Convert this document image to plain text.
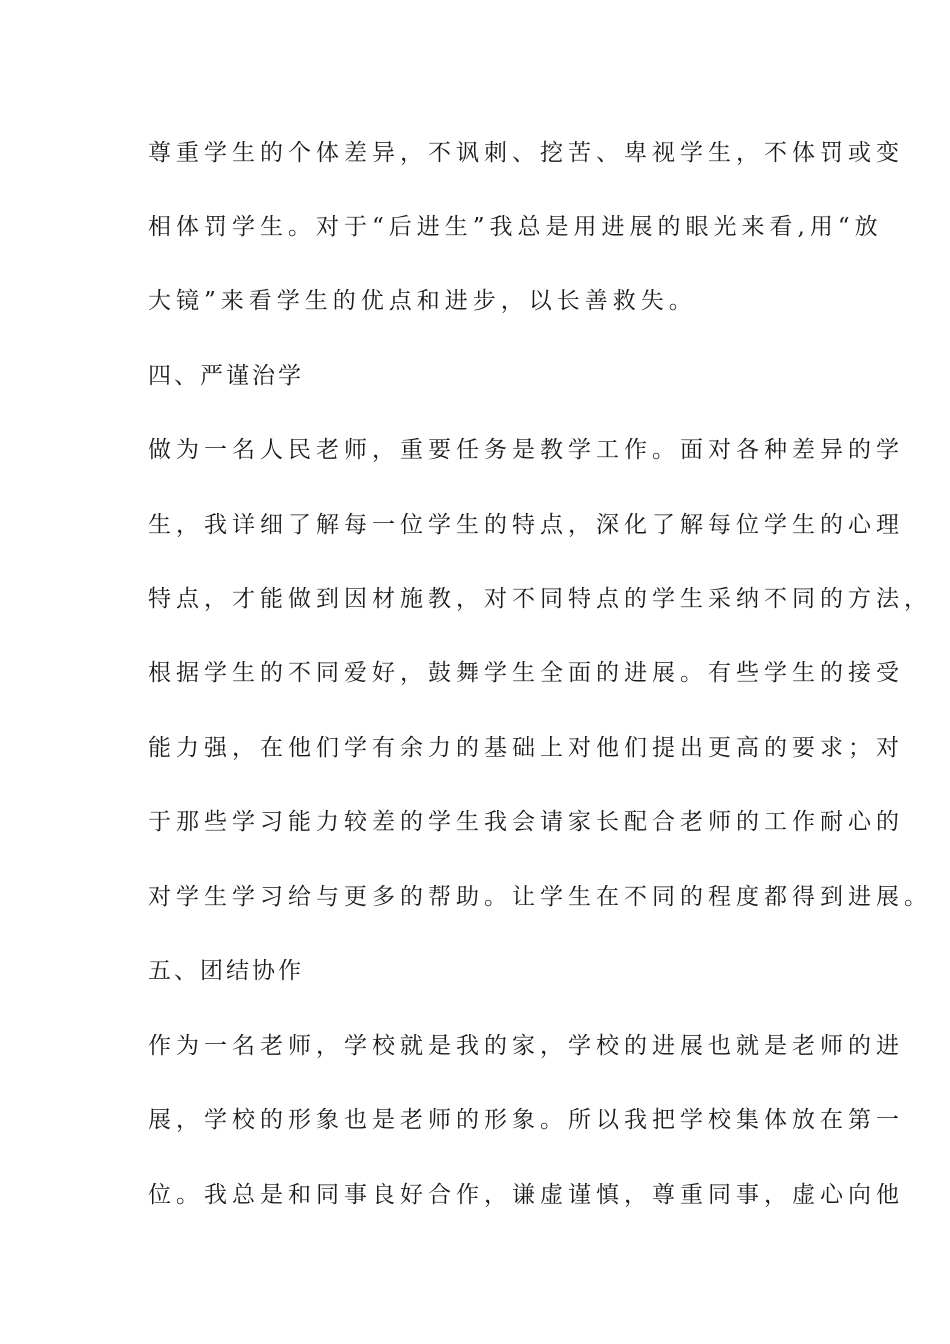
尊重学生的个体差异，不讽刺、挖苦、卑视学生，不体罚或变

相体罚学生。对于“后进生”我总是用进展的眼光来看,用“放

大镜”来看学生的优点和进步，以长善救失。

四、严谨治学

做为一名人民老师，重要任务是教学工作。面对各种差异的学

生，我详细了解每一位学生的特点，深化了解每位学生的心理

特点，才能做到因材施教，对不同特点的学生采纳不同的方法，

根据学生的不同爱好，鼓舞学生全面的进展。有些学生的接受

能力强，在他们学有余力的基础上对他们提出更高的要求；对

于那些学习能力较差的学生我会请家长配合老师的工作耐心的

对学生学习给与更多的帮助。让学生在不同的程度都得到进展。

五、团结协作

作为一名老师，学校就是我的家，学校的进展也就是老师的进

展，学校的形象也是老师的形象。所以我把学校集体放在第一

位。我总是和同事良好合作，谦虚谨慎，尊重同事，虚心向他
